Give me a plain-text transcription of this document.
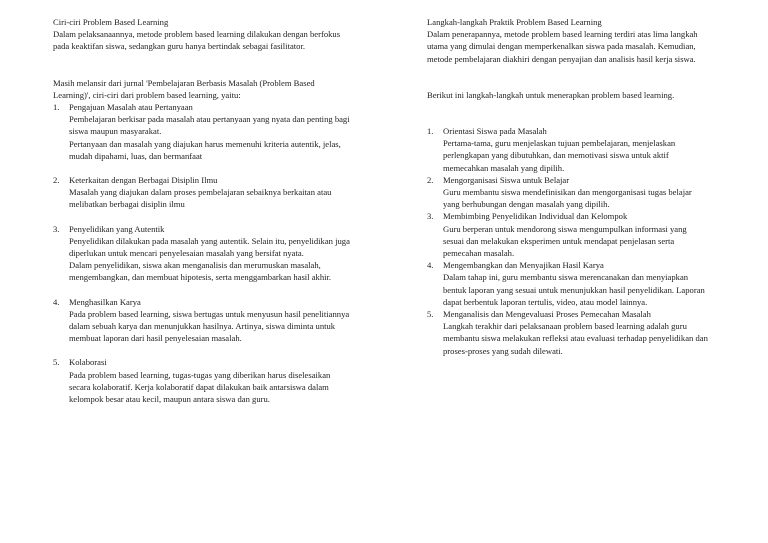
Ciri-ciri Problem Based Learning

Dalam pelaksanaannya, metode problem based learning dilakukan dengan berfokus pada keaktifan siswa, sedangkan guru hanya bertindak sebagai fasilitator.

Masih melansir dari jurnal 'Pembelajaran Berbasis Masalah (Problem Based Learning)', ciri-ciri dari problem based learning, yaitu:

1. Pengajuan Masalah atau Pertanyaan
Pembelajaran berkisar pada masalah atau pertanyaan yang nyata dan penting bagi siswa maupun masyarakat.
Pertanyaan dan masalah yang diajukan harus memenuhi kriteria autentik, jelas, mudah dipahami, luas, dan bermanfaat
2. Keterkaitan dengan Berbagai Disiplin Ilmu
Masalah yang diajukan dalam proses pembelajaran sebaiknya berkaitan atau melibatkan berbagai disiplin ilmu
3. Penyelidikan yang Autentik
Penyelidikan dilakukan pada masalah yang autentik. Selain itu, penyelidikan juga diperlukan untuk mencari penyelesaian masalah yang bersifat nyata.
Dalam penyelidikan, siswa akan menganalisis dan merumuskan masalah, mengembangkan, dan membuat hipotesis, serta menggambarkan hasil akhir.
4. Menghasilkan Karya
Pada problem based learning, siswa bertugas untuk menyusun hasil penelitiannya dalam sebuah karya dan menunjukkan hasilnya. Artinya, siswa diminta untuk membuat laporan dari hasil penyelesaian masalah.
5. Kolaborasi
Pada problem based learning, tugas-tugas yang diberikan harus diselesaikan secara kolaboratif. Kerja kolaboratif dapat dilakukan baik antarsiswa dalam kelompok besar atau kecil, maupun antara siswa dan guru.

Langkah-langkah Praktik Problem Based Learning

Dalam penerapannya, metode problem based learning terdiri atas lima langkah utama yang dimulai dengan memperkenalkan siswa pada masalah. Kemudian, metode pembelajaran diakhiri dengan penyajian dan analisis hasil kerja siswa.

Berikut ini langkah-langkah untuk menerapkan problem based learning.

1. Orientasi Siswa pada Masalah
Pertama-tama, guru menjelaskan tujuan pembelajaran, menjelaskan perlengkapan yang dibutuhkan, dan memotivasi siswa untuk aktif memecahkan masalah yang dipilih.
2. Mengorganisasi Siswa untuk Belajar
Guru membantu siswa mendefinisikan dan mengorganisasi tugas belajar yang berhubungan dengan masalah yang dipilih.
3. Membimbing Penyelidikan Individual dan Kelompok
Guru berperan untuk mendorong siswa mengumpulkan informasi yang sesuai dan melakukan eksperimen untuk mendapat penjelasan serta pemecahan masalah.
4. Mengembangkan dan Menyajikan Hasil Karya
Dalam tahap ini, guru membantu siswa merencanakan dan menyiapkan bentuk laporan yang sesuai untuk menunjukkan hasil penyelidikan. Laporan dapat berbentuk laporan tertulis, video, atau model lainnya.
5. Menganalisis dan Mengevaluasi Proses Pemecahan Masalah
Langkah terakhir dari pelaksanaan problem based learning adalah guru membantu siswa melakukan refleksi atau evaluasi terhadap penyelidikan dan proses-proses yang sudah dilewati.
